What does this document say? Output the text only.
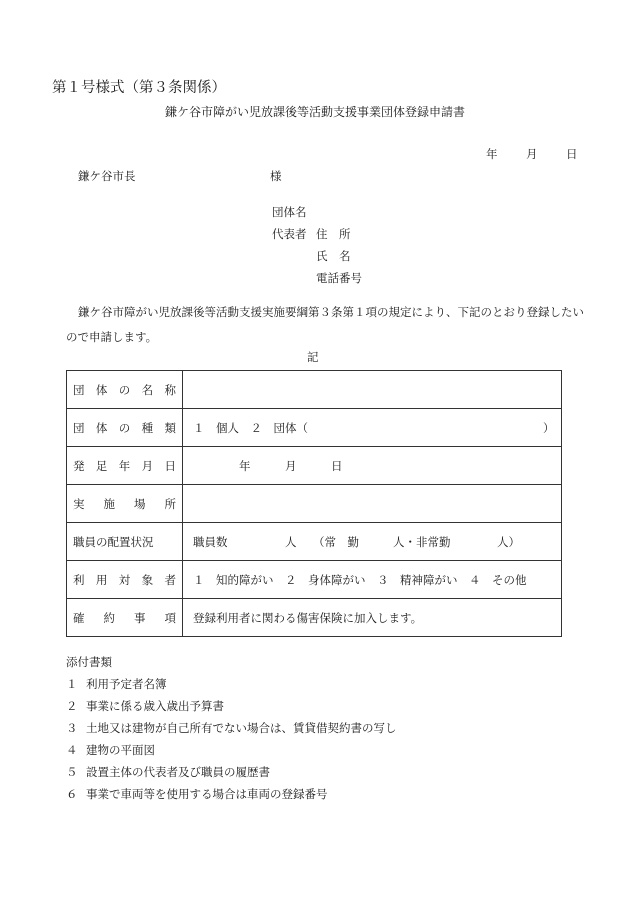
第１号様式（第３条関係）
鎌ケ谷市障がい児放課後等活動支援事業団体登録申請書
年 月 日
鎌ケ谷市長	様
団体名
代表者 住　所
氏　名
電話番号
鎌ケ谷市障がい児放課後等活動支援実施要綱第３条第１項の規定により、下記のとおり登録したい
ので申請します。
記
団 体 の 名 称	

団 体 の 種 類	１　個人　２　団体（ ）

発 足 年 月 日	年 月 日

実 施 場 所	

職員の配置状況	職員数 人 （常　勤 人・非常勤 人）

利 用 対 象 者	１　知的障がい　２　身体障がい　３　精神障がい　４　その他

確 約 事 項	登録利用者に関わる傷害保険に加入します。
添付書類
１ 利用予定者名簿
２ 事業に係る歳入歳出予算書
３ 土地又は建物が自己所有でない場合は、賃貸借契約書の写し
４ 建物の平面図
５ 設置主体の代表者及び職員の履歴書
６ 事業で車両等を使用する場合は車両の登録番号
